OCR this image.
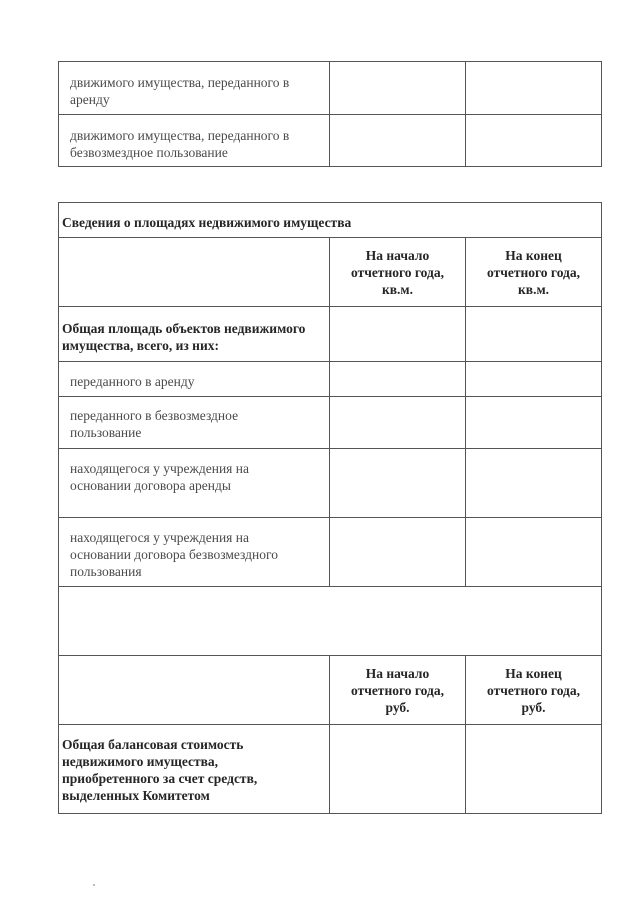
движимого имущества, переданного в аренду		
движимого имущества, переданного в безвозмездное пользование		
Сведения о площадях недвижимого имущества		
	На начало отчетного года, кв.м.	На конец отчетного года, кв.м.
Общая площадь объектов недвижимого имущества, всего, из них:		
переданного в аренду		
переданного в безвозмездное пользование		
находящегося у учреждения на основании договора аренды		
находящегося у учреждения на основании договора безвозмездного пользования		

	На начало отчетного года, руб.	На конец отчетного года, руб.
Общая балансовая стоимость недвижимого имущества, приобретенного за счет средств, выделенных Комитетом		
